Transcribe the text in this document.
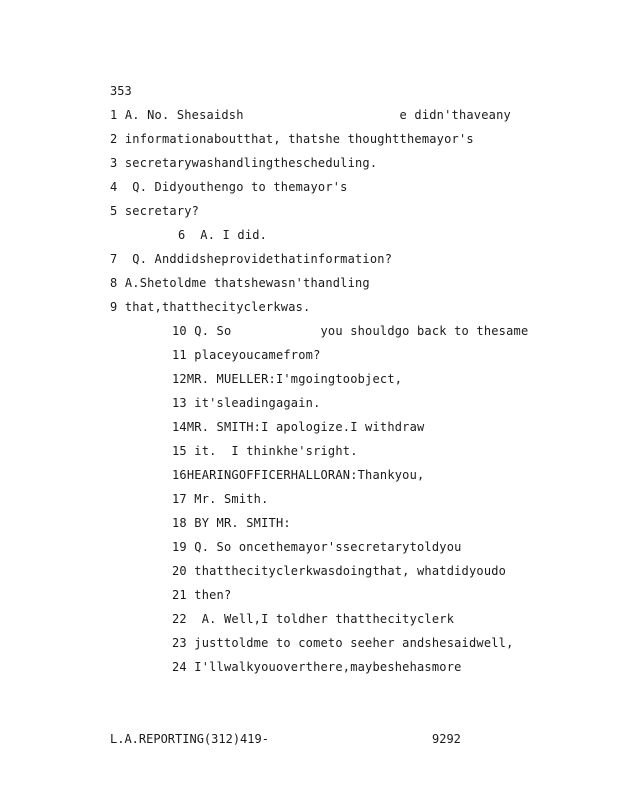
353
1 A. No. Shesaidsh                     e didn'thaveany
2 informationaboutthat, thatshe thoughtthemayor's
3 secretarywashandlingthescheduling.
4  Q. Didyouthengo to themayor's
5 secretary?
6  A. I did.
7  Q. Anddidsheprovidethatinformation?
8 A.Shetoldme thatshewasn'thandling
9 that,thatthecityclerkwas.
10 Q. So            you shouldgo back to thesame
11 placeyoucamefrom?
12MR. MUELLER:I'mgoingtoobject,
13 it'sleadingagain.
14MR. SMITH:I apologize.I withdraw
15 it.  I thinkhe'sright.
16HEARINGOFFICERHALLORAN:Thankyou,
17 Mr. Smith.
18 BY MR. SMITH:
19 Q. So oncethemayor'ssecretarytoldyou
20 thatthecityclerkwasdoingthat, whatdidyoudo
21 then?
22  A. Well,I toldher thatthecityclerk
23 justtoldme to cometo seeher andshesaidwell,
24 I'llwalkyouoverthere,maybeshehasmore
L.A.REPORTING(312)419-	9292
